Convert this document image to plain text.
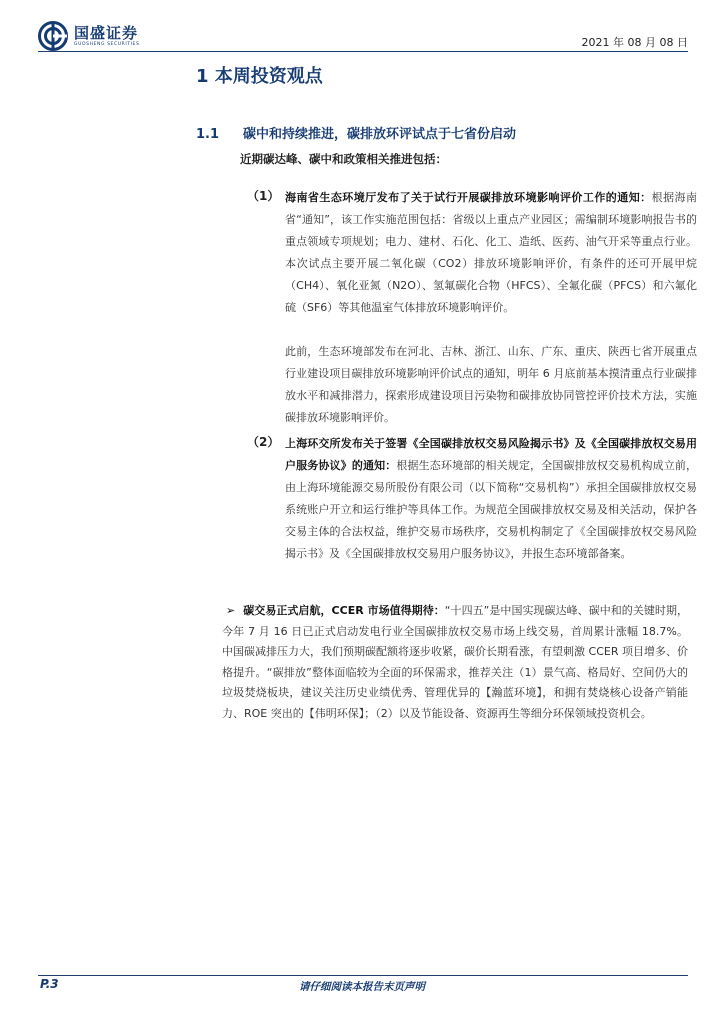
国盛证券
GUOSHENG SECURITIES	2021 年 08 月 08 日
1 本周投资观点
1.1 碳中和持续推进，碳排放环评试点于七省份启动
近期碳达峰、碳中和政策相关推进包括：
（1） 海南省生态环境厅发布了关于试行开展碳排放环境影响评价工作的通知：根据海南省“通知”，该工作实施范围包括：省级以上重点产业园区；需编制环境影响报告书的重点领域专项规划；电力、建材、石化、化工、造纸、医药、油气开采等重点行业。本次试点主要开展二氧化碳（CO2）排放环境影响评价，有条件的还可开展甲烷（CH4）、氧化亚氮（N2O）、氢氟碳化合物（HFCS）、全氟化碳（PFCS）和六氟化硫（SF6）等其他温室气体排放环境影响评价。

此前，生态环境部发布在河北、吉林、浙江、山东、广东、重庆、陕西七省开展重点行业建设项目碳排放环境影响评价试点的通知，明年 6 月底前基本摸清重点行业碳排放水平和减排潜力，探索形成建设项目污染物和碳排放协同管控评价技术方法，实施碳排放环境影响评价。

（2） 上海环交所发布关于签署《全国碳排放权交易风险揭示书》及《全国碳排放权交易用户服务协议》的通知：根据生态环境部的相关规定，全国碳排放权交易机构成立前，由上海环境能源交易所股份有限公司（以下简称“交易机构”）承担全国碳排放权交易系统账户开立和运行维护等具体工作。为规范全国碳排放权交易及相关活动，保护各交易主体的合法权益，维护交易市场秩序，交易机构制定了《全国碳排放权交易风险揭示书》及《全国碳排放权交易用户服务协议》，并报生态环境部备案。

➢ 碳交易正式启航，CCER 市场值得期待：“十四五”是中国实现碳达峰、碳中和的关键时期，今年 7 月 16 日已正式启动发电行业全国碳排放权交易市场上线交易，首周累计涨幅 18.7%。中国碳减排压力大，我们预期碳配额将逐步收紧，碳价长期看涨，有望刺激 CCER 项目增多、价格提升。“碳排放”整体面临较为全面的环保需求，推荐关注（1）景气高、格局好、空间仍大的垃圾焚烧板块，建议关注历史业绩优秀、管理优异的【瀚蓝环境】，和拥有焚烧核心设备产销能力、ROE 突出的【伟明环保】；（2）以及节能设备、资源再生等细分环保领域投资机会。
P.3	请仔细阅读本报告末页声明
